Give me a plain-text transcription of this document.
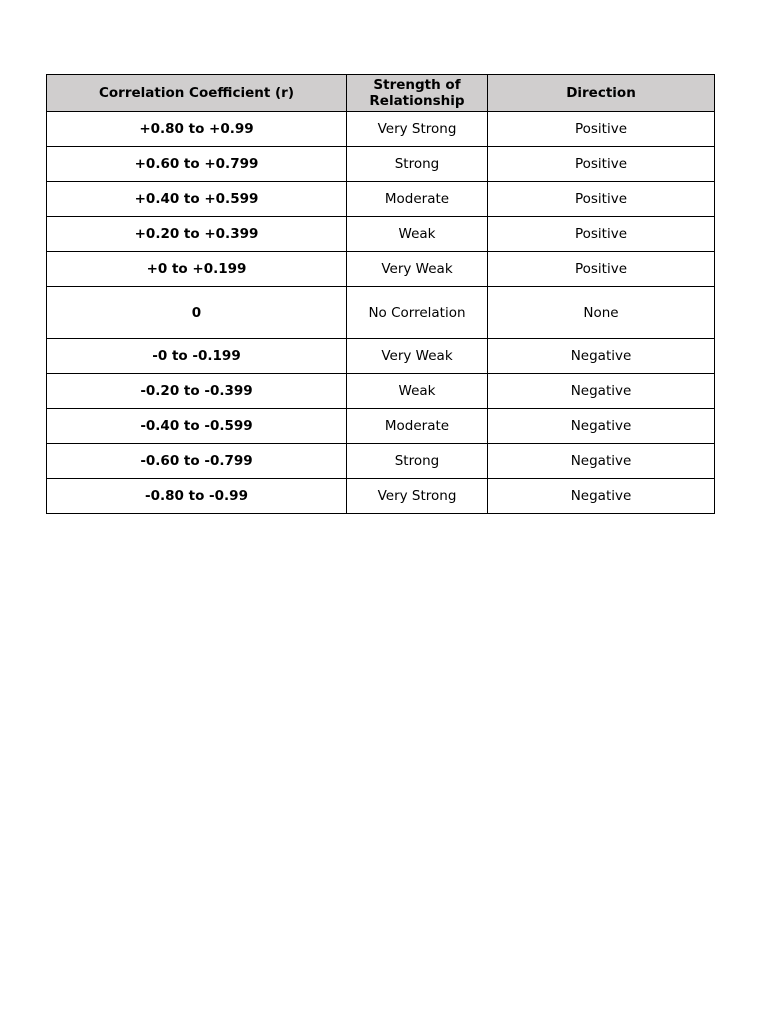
Correlation Coefficient (r)	Strength of Relationship	Direction
+0.80 to +0.99	Very Strong	Positive
+0.60 to +0.799	Strong	Positive
+0.40 to +0.599	Moderate	Positive
+0.20 to +0.399	Weak	Positive
+0 to +0.199	Very Weak	Positive
0	No Correlation	None
-0 to -0.199	Very Weak	Negative
-0.20 to -0.399	Weak	Negative
-0.40 to -0.599	Moderate	Negative
-0.60 to -0.799	Strong	Negative
-0.80 to -0.99	Very Strong	Negative
